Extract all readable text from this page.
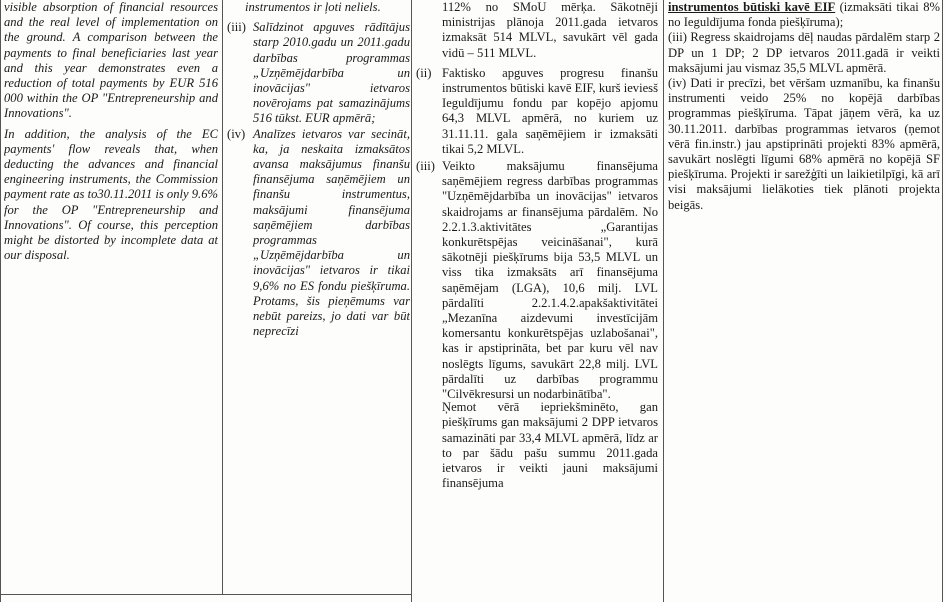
visible absorption of financial resources and the real level of implementation on the ground. A comparison between the payments to final beneficiaries last year and this year demonstrates even a reduction of total payments by EUR 516 000 within the OP "Entrepreneurship and Innovations".

In addition, the analysis of the EC payments' flow reveals that, when deducting the advances and financial engineering instruments, the Commission payment rate as to30.11.2011 is only 9.6% for the OP "Entrepreneurship and Innovations". Of course, this perception might be distorted by incomplete data at our disposal.

instrumentos ir ļoti neliels.

(iii) Salīdzinot apguves rādītājus starp 2010.gadu un 2011.gadu darbības programmas „Uzņēmējdarbība un inovācijas" ietvaros novērojams pat samazinājums 516 tūkst. EUR apmērā;
(iv) Analīzes ietvaros var secināt, ka, ja neskaita izmaksātos avansa maksājumus finanšu finansējuma saņēmējiem un finanšu instrumentus, maksājumi finansējuma saņēmējiem darbības programmas „Uzņēmējdarbība un inovācijas" ietvaros ir tikai 9,6% no ES fondu piešķīruma. Protams, šis pieņēmums var nebūt pareizs, jo dati var būt neprecīzi

112% no SMoU mērķa. Sākotnēji ministrijas plānoja 2011.gada ietvaros izmaksāt 514 MLVL, savukārt vēl gada vidū – 511 MLVL.

(ii) Faktisko apguves progresu finanšu instrumentos būtiski kavē EIF, kurš ieviesš Ieguldījumu fondu par kopējo apjomu 64,3 MLVL apmērā, no kuriem uz 31.11.11. gala saņēmējiem ir izmaksāti tikai 5,2 MLVL.
(iii) Veikto maksājumu finansējuma saņēmējiem regress darbības programmas "Uzņēmējdarbība un inovācijas" ietvaros skaidrojams ar finansējuma pārdalēm. No 2.2.1.3.aktivitātes „Garantijas konkurētspējas veicināšanai", kurā sākotnēji piešķīrums bija 53,5 MLVL un viss tika izmaksāts arī finansējuma saņēmējam (LGA), 10,6 milj. LVL pārdalīti 2.2.1.4.2.apakšaktivitātei „Mezanīna aizdevumi investīcijām komersantu konkurētspējas uzlabošanai", kas ir apstiprināta, bet par kuru vēl nav noslēgts līgums, savukārt 22,8 milj. LVL pārdalīti uz darbības programmu "Cilvēkresursi un nodarbinātība".

Ņemot vērā iepriekšminēto, gan piešķīrums gan maksājumi 2 DPP ietvaros samazināti par 33,4 MLVL apmērā, līdz ar to par šādu pašu summu 2011.gada ietvaros ir veikti jauni maksājumi finansējuma

instrumentos būtiski kavē EIF (izmaksāti tikai 8% no Ieguldījuma fonda piešķīruma);

(iii) Regress skaidrojams dēļ naudas pārdalēm starp 2 DP un 1 DP; 2 DP ietvaros 2011.gadā ir veikti maksājumi jau vismaz 35,5 MLVL apmērā.

(iv) Dati ir precīzi, bet vēršam uzmanību, ka finanšu instrumenti veido 25% no kopējā darbības programmas piešķīruma. Tāpat jāņem vērā, ka uz 30.11.2011. darbības programmas ietvaros (ņemot vērā fin.instr.) jau apstiprināti projekti 83% apmērā, savukārt noslēgti līgumi 68% apmērā no kopējā SF piešķīruma. Projekti ir sarežģīti un laikietilpīgi, kā arī visi maksājumi lielākoties tiek plānoti projekta beigās.
